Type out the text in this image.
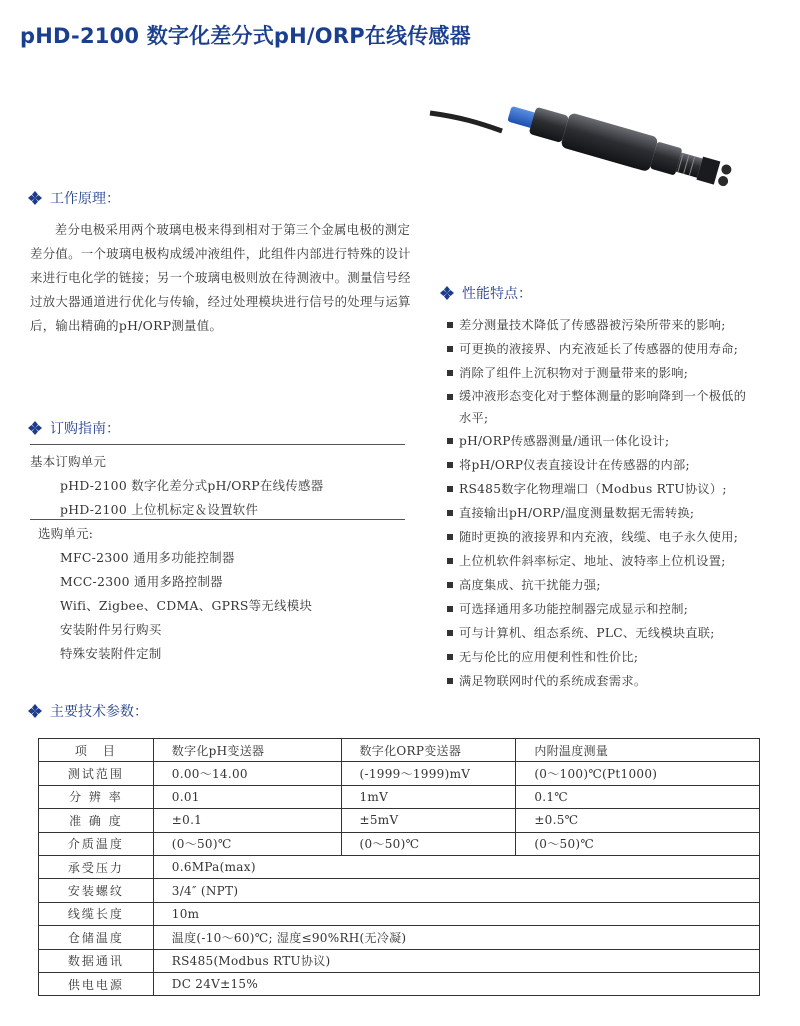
pHD-2100 数字化差分式pH/ORP在线传感器
工作原理：
差分电极采用两个玻璃电极来得到相对于第三个金属电极的测定差分值。一个玻璃电极构成缓冲液组件，此组件内部进行特殊的设计来进行电化学的链接；另一个玻璃电极则放在待测液中。测量信号经过放大器通道进行优化与传输，经过处理模块进行信号的处理与运算后，输出精确的pH/ORP测量值。
订购指南：
基本订购单元
pHD-2100 数字化差分式pH/ORP在线传感器
pHD-2100 上位机标定＆设置软件
选购单元:
MFC-2300 通用多功能控制器
MCC-2300 通用多路控制器
Wifi、Zigbee、CDMA、GPRS等无线模块
安装附件另行购买
特殊安装附件定制
性能特点：
差分测量技术降低了传感器被污染所带来的影响;
可更换的液接界、内充液延长了传感器的使用寿命;
消除了组件上沉积物对于测量带来的影响;
缓冲液形态变化对于整体测量的影响降到一个极低的水平;
pH/ORP传感器测量/通讯一体化设计;
将pH/ORP仪表直接设计在传感器的内部;
RS485数字化物理端口（Modbus RTU协议）;
直接输出pH/ORP/温度测量数据无需转换;
随时更换的液接界和内充液，线缆、电子永久使用;
上位机软件斜率标定、地址、波特率上位机设置;
高度集成、抗干扰能力强;
可选择通用多功能控制器完成显示和控制;
可与计算机、组态系统、PLC、无线模块直联;
无与伦比的应用便利性和性价比;
满足物联网时代的系统成套需求。
主要技术参数：
项　目	数字化pH变送器	数字化ORP变送器	内附温度测量
测试范围	0.00～14.00	(-1999～1999)mV	(0～100)℃(Pt1000)
分 辨 率	0.01	1mV	0.1℃
准 确 度	±0.1	±5mV	±0.5℃
介质温度	(0～50)℃	(0～50)℃	(0～50)℃
承受压力	0.6MPa(max)		
安装螺纹	3/4″ (NPT)		
线缆长度	10m		
仓储温度	温度(-10～60)℃; 湿度≤90%RH(无冷凝)		
数据通讯	RS485(Modbus RTU协议)		
供电电源	DC 24V±15%		
